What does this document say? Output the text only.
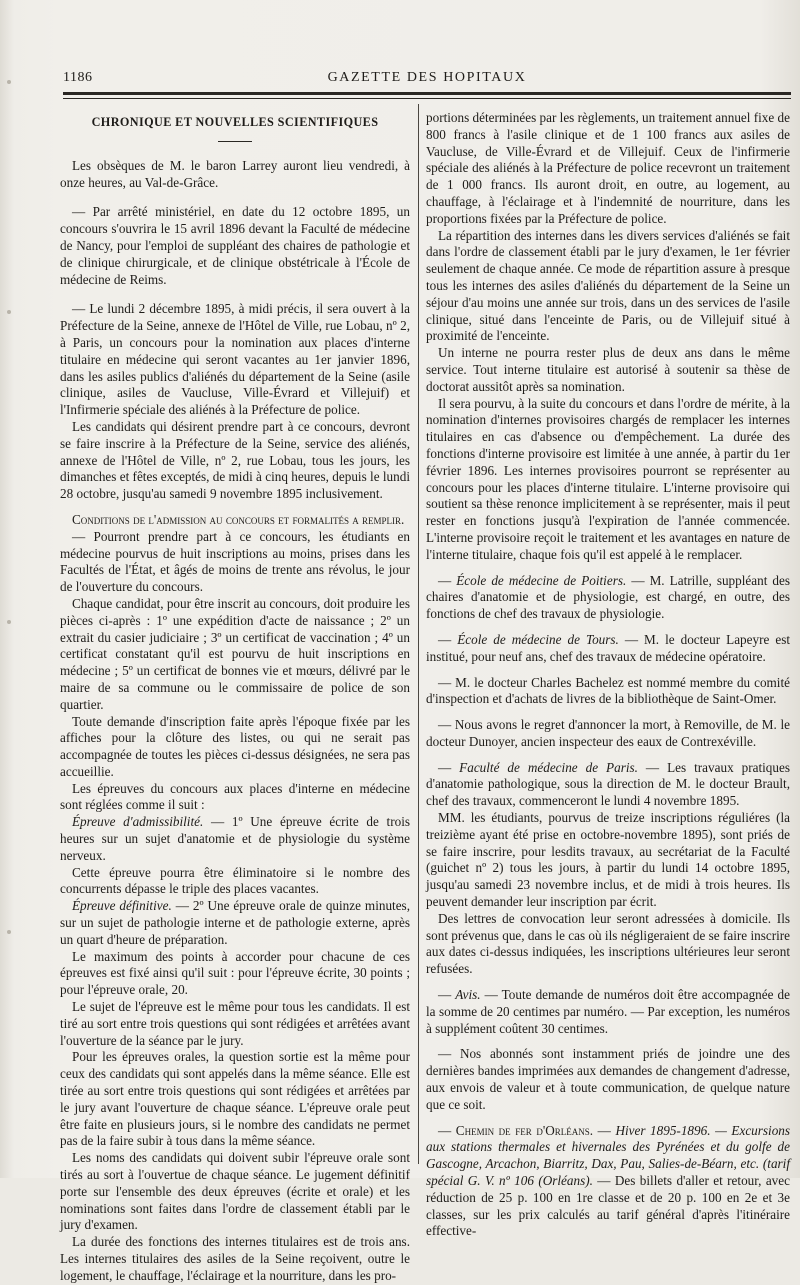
1186	GAZETTE DES HOPITAUX
CHRONIQUE ET NOUVELLES SCIENTIFIQUES

Les obsèques de M. le baron Larrey auront lieu vendredi, à onze heures, au Val-de-Grâce.

— Par arrêté ministériel, en date du 12 octobre 1895, un concours s'ouvrira le 15 avril 1896 devant la Faculté de médecine de Nancy, pour l'emploi de suppléant des chaires de pathologie et de clinique chirurgicale, et de clinique obstétricale à l'École de médecine de Reims.

— Le lundi 2 décembre 1895, à midi précis, il sera ouvert à la Préfecture de la Seine, annexe de l'Hôtel de Ville, rue Lobau, nº 2, à Paris, un concours pour la nomination aux places d'interne titulaire en médecine qui seront vacantes au 1er janvier 1896, dans les asiles publics d'aliénés du département de la Seine (asile clinique, asiles de Vaucluse, Ville-Évrard et Villejuif) et l'Infirmerie spéciale des aliénés à la Préfecture de police.

Les candidats qui désirent prendre part à ce concours, devront se faire inscrire à la Préfecture de la Seine, service des aliénés, annexe de l'Hôtel de Ville, nº 2, rue Lobau, tous les jours, les dimanches et fêtes exceptés, de midi à cinq heures, depuis le lundi 28 octobre, jusqu'au samedi 9 novembre 1895 inclusivement.

Conditions de l'admission au concours et formalités a remplir.

— Pourront prendre part à ce concours, les étudiants en médecine pourvus de huit inscriptions au moins, prises dans les Facultés de l'État, et âgés de moins de trente ans révolus, le jour de l'ouverture du concours.

Chaque candidat, pour être inscrit au concours, doit produire les pièces ci-après : 1º une expédition d'acte de naissance ; 2º un extrait du casier judiciaire ; 3º un certificat de vaccination ; 4º un certificat constatant qu'il est pourvu de huit inscriptions en médecine ; 5º un certificat de bonnes vie et mœurs, délivré par le maire de sa commune ou le commissaire de police de son quartier.

Toute demande d'inscription faite après l'époque fixée par les affiches pour la clôture des listes, ou qui ne serait pas accompagnée de toutes les pièces ci-dessus désignées, ne sera pas accueillie.

Les épreuves du concours aux places d'interne en médecine sont réglées comme il suit :

Épreuve d'admissibilité. — 1º Une épreuve écrite de trois heures sur un sujet d'anatomie et de physiologie du système nerveux.

Cette épreuve pourra être éliminatoire si le nombre des concurrents dépasse le triple des places vacantes.

Épreuve définitive. — 2º Une épreuve orale de quinze minutes, sur un sujet de pathologie interne et de pathologie externe, après un quart d'heure de préparation.

Le maximum des points à accorder pour chacune de ces épreuves est fixé ainsi qu'il suit : pour l'épreuve écrite, 30 points ; pour l'épreuve orale, 20.

Le sujet de l'épreuve est le même pour tous les candidats. Il est tiré au sort entre trois questions qui sont rédigées et arrêtées avant l'ouverture de la séance par le jury.

Pour les épreuves orales, la question sortie est la même pour ceux des candidats qui sont appelés dans la même séance. Elle est tirée au sort entre trois questions qui sont rédigées et arrêtées par le jury avant l'ouverture de chaque séance. L'épreuve orale peut être faite en plusieurs jours, si le nombre des candidats ne permet pas de la faire subir à tous dans la même séance.

Les noms des candidats qui doivent subir l'épreuve orale sont tirés au sort à l'ouvertue de chaque séance. Le jugement définitif porte sur l'ensemble des deux épreuves (écrite et orale) et les nominations sont faites dans l'ordre de classement établi par le jury d'examen.

La durée des fonctions des internes titulaires est de trois ans. Les internes titulaires des asiles de la Seine reçoivent, outre le logement, le chauffage, l'éclairage et la nourriture, dans les pro-

portions déterminées par les règlements, un traitement annuel fixe de 800 francs à l'asile clinique et de 1 100 francs aux asiles de Vaucluse, de Ville-Évrard et de Villejuif. Ceux de l'infirmerie spéciale des aliénés à la Préfecture de police recevront un traitement de 1 000 francs. Ils auront droit, en outre, au logement, au chauffage, à l'éclairage et à l'indemnité de nourriture, dans les proportions fixées par la Préfecture de police.

La répartition des internes dans les divers services d'aliénés se fait dans l'ordre de classement établi par le jury d'examen, le 1er février seulement de chaque année. Ce mode de répartition assure à presque tous les internes des asiles d'aliénés du département de la Seine un séjour d'au moins une année sur trois, dans un des services de l'asile clinique, situé dans l'enceinte de Paris, ou de Villejuif situé à proximité de l'enceinte.

Un interne ne pourra rester plus de deux ans dans le même service. Tout interne titulaire est autorisé à soutenir sa thèse de doctorat aussitôt après sa nomination.

Il sera pourvu, à la suite du concours et dans l'ordre de mérite, à la nomination d'internes provisoires chargés de remplacer les internes titulaires en cas d'absence ou d'empêchement. La durée des fonctions d'interne provisoire est limitée à une année, à partir du 1er février 1896. Les internes provisoires pourront se représenter au concours pour les places d'interne titulaire. L'interne provisoire qui soutient sa thèse renonce implicitement à se représenter, mais il peut rester en fonctions jusqu'à l'expiration de l'année commencée. L'interne provisoire reçoit le traitement et les avantages en nature de l'interne titulaire, chaque fois qu'il est appelé à le remplacer.

— École de médecine de Poitiers. — M. Latrille, suppléant des chaires d'anatomie et de physiologie, est chargé, en outre, des fonctions de chef des travaux de physiologie.

— École de médecine de Tours. — M. le docteur Lapeyre est institué, pour neuf ans, chef des travaux de médecine opératoire.

— M. le docteur Charles Bachelez est nommé membre du comité d'inspection et d'achats de livres de la bibliothèque de Saint-Omer.

— Nous avons le regret d'annoncer la mort, à Removille, de M. le docteur Dunoyer, ancien inspecteur des eaux de Contrexéville.

— Faculté de médecine de Paris. — Les travaux pratiques d'anatomie pathologique, sous la direction de M. le docteur Brault, chef des travaux, commenceront le lundi 4 novembre 1895.

MM. les étudiants, pourvus de treize inscriptions réguliéres (la treizième ayant été prise en octobre-novembre 1895), sont priés de se faire inscrire, pour lesdits travaux, au secrétariat de la Faculté (guichet nº 2) tous les jours, à partir du lundi 14 octobre 1895, jusqu'au samedi 23 novembre inclus, et de midi à trois heures. Ils peuvent demander leur inscription par écrit.

Des lettres de convocation leur seront adressées à domicile. Ils sont prévenus que, dans le cas où ils négligeraient de se faire inscrire aux dates ci-dessus indiquées, les inscriptions ultérieures leur seront refusées.

— Avis. — Toute demande de numéros doit être accompagnée de la somme de 20 centimes par numéro. — Par exception, les numéros à supplément coûtent 30 centimes.

— Nos abonnés sont instamment priés de joindre une des dernières bandes imprimées aux demandes de changement d'adresse, aux envois de valeur et à toute communication, de quelque nature que ce soit.

— Chemin de fer d'Orléans. — Hiver 1895-1896. — Excursions aux stations thermales et hivernales des Pyrénées et du golfe de Gascogne, Arcachon, Biarritz, Dax, Pau, Salies-de-Béarn, etc. (tarif spécial G. V. nº 106 (Orléans). — Des billets d'aller et retour, avec réduction de 25 p. 100 en 1re classe et de 20 p. 100 en 2e et 3e classes, sur les prix calculés au tarif général d'après l'itinéraire effective-
